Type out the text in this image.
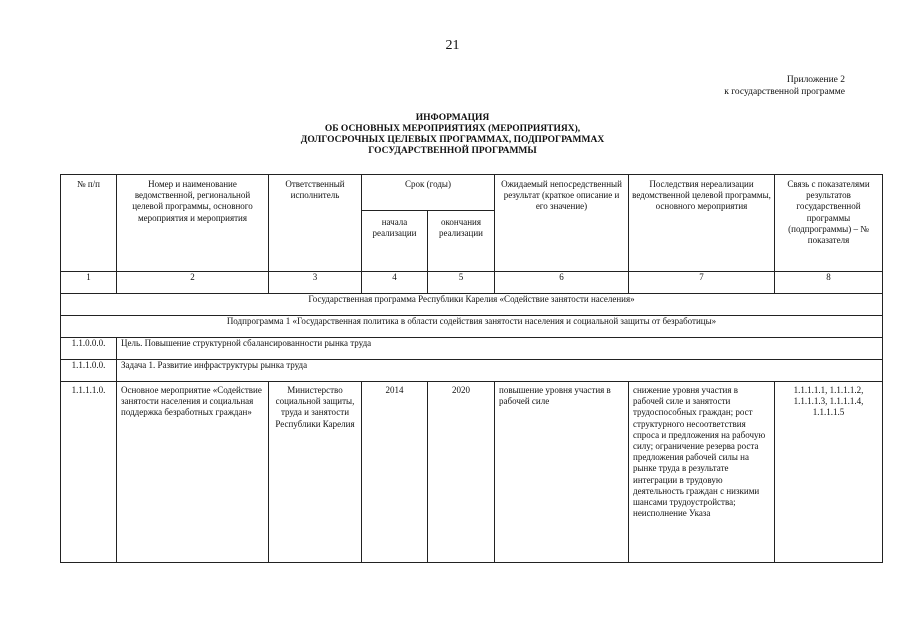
21
Приложение 2
к государственной программе
ИНФОРМАЦИЯ
ОБ ОСНОВНЫХ МЕРОПРИЯТИЯХ (МЕРОПРИЯТИЯХ),
ДОЛГОСРОЧНЫХ ЦЕЛЕВЫХ ПРОГРАММАХ, ПОДПРОГРАММАХ
ГОСУДАРСТВЕННОЙ ПРОГРАММЫ
№ п/п	Номер и наименование ведомственной, региональной целевой программы, основного мероприятия и мероприятия	Ответственный исполнитель	Срок (годы)		Ожидаемый непосредственный результат (краткое описание и его значение)	Последствия нереализации ведомственной целевой программы, основного мероприятия	Связь с показателями результатов государственной программы (подпрограммы) – № показателя
			начала реализации	окончания реализации			
1	2	3	4	5	6	7	8
Государственная программа Республики Карелия «Содействие занятости населения»							
Подпрограмма 1 «Государственная политика в области содействия занятости населения и социальной защиты от безработицы»							
1.1.0.0.0.	Цель. Повышение структурной сбалансированности рынка труда						
1.1.1.0.0.	Задача 1. Развитие инфраструктуры рынка труда						
1.1.1.1.0.	Основное мероприятие «Содействие занятости населения и социальная поддержка безработных граждан»	Министерство социальной защиты, труда и занятости Республики Карелия	2014	2020	повышение уровня участия в рабочей силе	снижение уровня участия в рабочей силе и занятости трудоспособных граждан; рост структурного несоответствия спроса и предложения на рабочую силу; ограничение резерва роста предложения рабочей силы на рынке труда в результате интеграции в трудовую деятельность граждан с низкими шансами трудоустройства; неисполнение Указа	1.1.1.1.1, 1.1.1.1.2, 1.1.1.1.3, 1.1.1.1.4, 1.1.1.1.5
